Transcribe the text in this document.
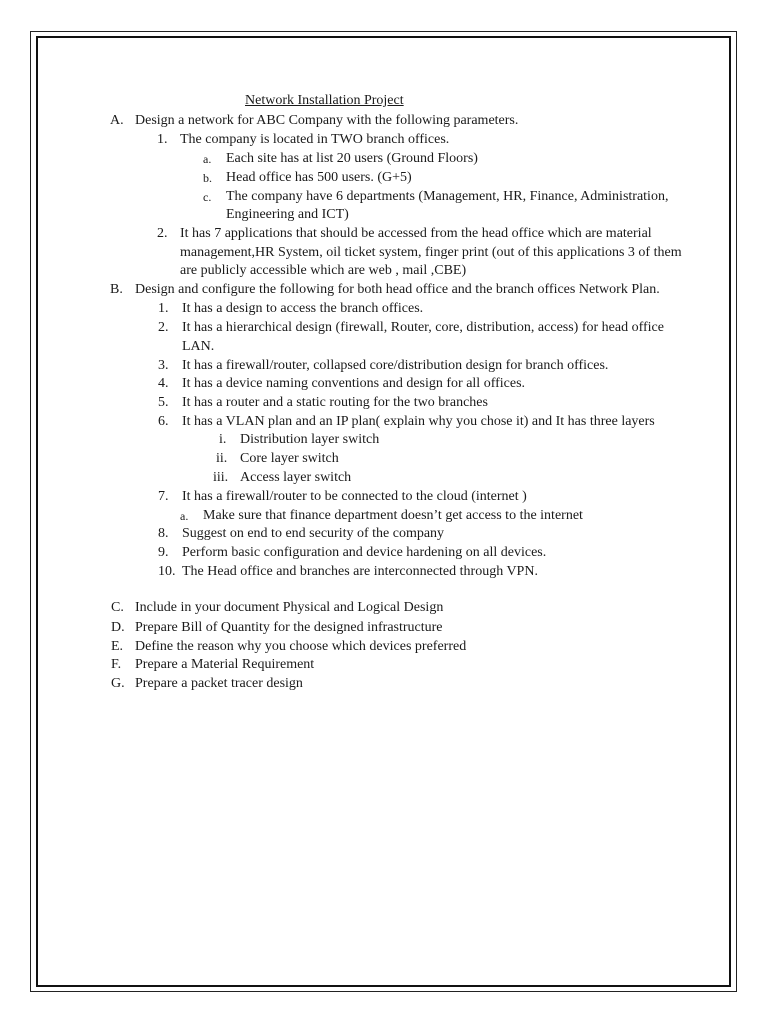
Network Installation Project
A. Design a network for ABC Company with the following parameters.
1. The company is located in TWO branch offices.
a. Each site has at list 20 users (Ground Floors)
b. Head office has 500 users. (G+5)
c. The company have 6 departments (Management, HR, Finance, Administration,
Engineering and ICT)
2. It has 7 applications that should be accessed from the head office which are material
management,HR System, oil ticket system, finger print (out of this applications 3 of them
are publicly accessible which are web , mail ,CBE)
B. Design and configure the following for both head office and the branch offices Network Plan.
1. It has a design to access the branch offices.
2. It has a hierarchical design (firewall, Router, core, distribution, access) for head office
LAN.
3. It has a firewall/router, collapsed core/distribution design for branch offices.
4. It has a device naming conventions and design for all offices.
5. It has a router and a static routing for the two branches
6. It has a VLAN plan and an IP plan( explain why you chose it) and It has three layers
i. Distribution layer switch
ii. Core layer switch
iii. Access layer switch
7. It has a firewall/router to be connected to the cloud (internet )
a. Make sure that finance department doesn’t get access to the internet
8. Suggest on end to end security of the company
9. Perform basic configuration and device hardening on all devices.
10. The Head office and branches are interconnected through VPN.
C. Include in your document Physical and Logical Design
D. Prepare Bill of Quantity for the designed infrastructure
E. Define the reason why you choose which devices preferred
F. Prepare a Material Requirement
G. Prepare a packet tracer design
